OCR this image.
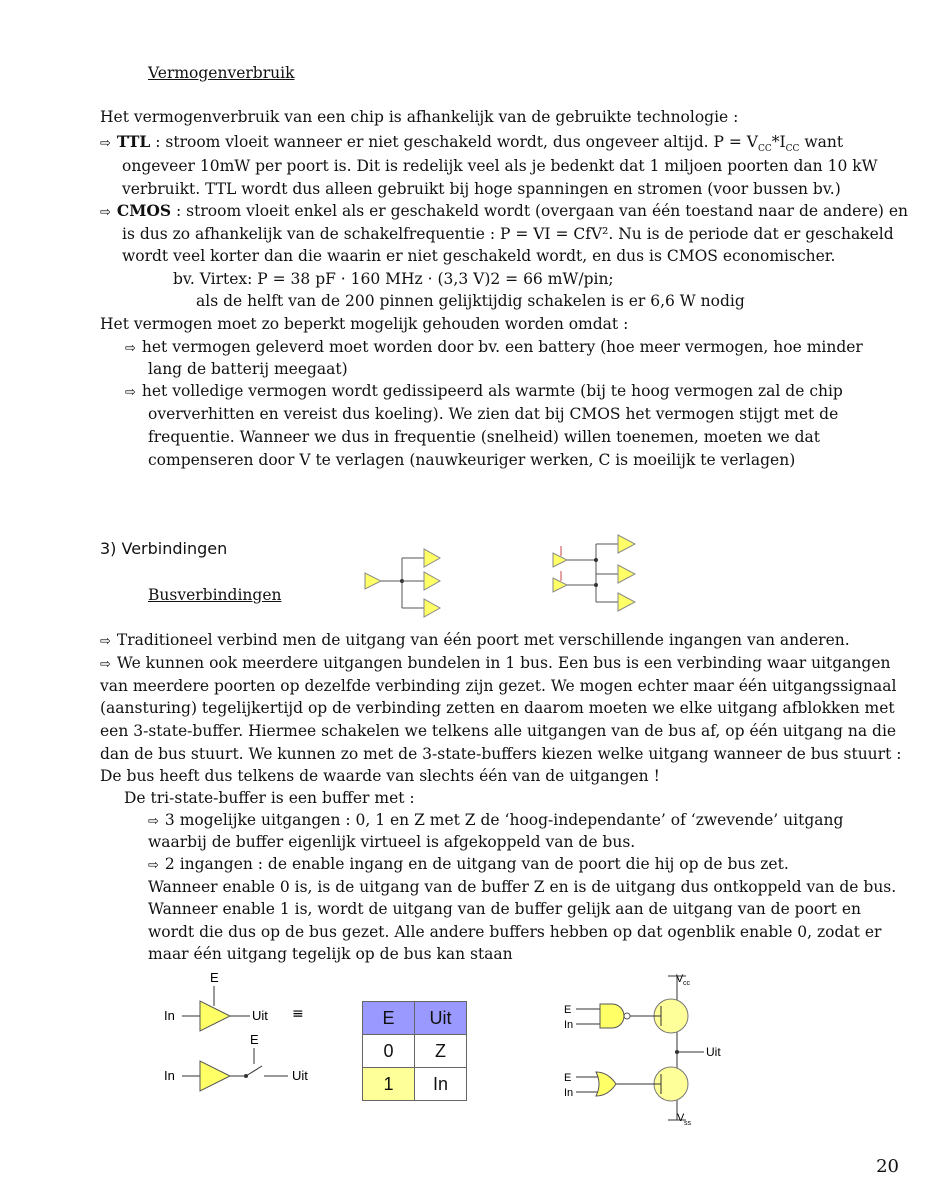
Vermogenverbruik
Het vermogenverbruik van een chip is afhankelijk van de gebruikte technologie :
⇨ TTL : stroom vloeit wanneer er niet geschakeld wordt, dus ongeveer altijd. $P = V_{CC}*I_{CC}$ want
ongeveer 10mW per poort is. Dit is redelijk veel als je bedenkt dat 1 miljoen poorten dan 10 kW
verbruikt. TTL wordt dus alleen gebruikt bij hoge spanningen en stromen (voor bussen bv.)
⇨ CMOS : stroom vloeit enkel als er geschakeld wordt (overgaan van één toestand naar de andere) en
is dus zo afhankelijk van de schakelfrequentie : P = VI = CfV². Nu is de periode dat er geschakeld
wordt veel korter dan die waarin er niet geschakeld wordt, en dus is CMOS economischer.
bv. Virtex: P = 38 pF · 160 MHz · (3,3 V)2 = 66 mW/pin;
als de helft van de 200 pinnen gelijktijdig schakelen is er 6,6 W nodig
Het vermogen moet zo beperkt mogelijk gehouden worden omdat :
⇨ het vermogen geleverd moet worden door bv. een battery (hoe meer vermogen, hoe minder
lang de batterij meegaat)
⇨ het volledige vermogen wordt gedissipeerd als warmte (bij te hoog vermogen zal de chip
oververhitten en vereist dus koeling). We zien dat bij CMOS het vermogen stijgt met de
frequentie. Wanneer we dus in frequentie (snelheid) willen toenemen, moeten we dat
compenseren door V te verlagen (nauwkeuriger werken, C is moeilijk te verlagen)
3) Verbindingen
Busverbindingen
⇨ Traditioneel verbind men de uitgang van één poort met verschillende ingangen van anderen.
⇨ We kunnen ook meerdere uitgangen bundelen in 1 bus. Een bus is een verbinding waar uitgangen
van meerdere poorten op dezelfde verbinding zijn gezet. We mogen echter maar één uitgangssignaal
(aansturing) tegelijkertijd op de verbinding zetten en daarom moeten we elke uitgang afblokken met
een 3-state-buffer. Hiermee schakelen we telkens alle uitgangen van de bus af, op één uitgang na die
dan de bus stuurt. We kunnen zo met de 3-state-buffers kiezen welke uitgang wanneer de bus stuurt :
De bus heeft dus telkens de waarde van slechts één van de uitgangen !
De tri-state-buffer is een buffer met :
⇨ 3 mogelijke uitgangen : 0, 1 en Z met Z de ‘hoog-independante’ of ‘zwevende’ uitgang
waarbij de buffer eigenlijk virtueel is afgekoppeld van de bus.
⇨ 2 ingangen : de enable ingang en de uitgang van de poort die hij op de bus zet.
Wanneer enable 0 is, is de uitgang van de buffer Z en is de uitgang dus ontkoppeld van de bus.
Wanneer enable 1 is, wordt de uitgang van de buffer gelijk aan de uitgang van de poort en
wordt die dus op de bus gezet. Alle andere buffers hebben op dat ogenblik enable 0, zodat er
maar één uitgang tegelijk op de bus kan staan
E
In	Uit ≡
E
In	Uit
E	Uit
0	Z
1	In
V cc
Uit
E
In
E
In
V ss
20
